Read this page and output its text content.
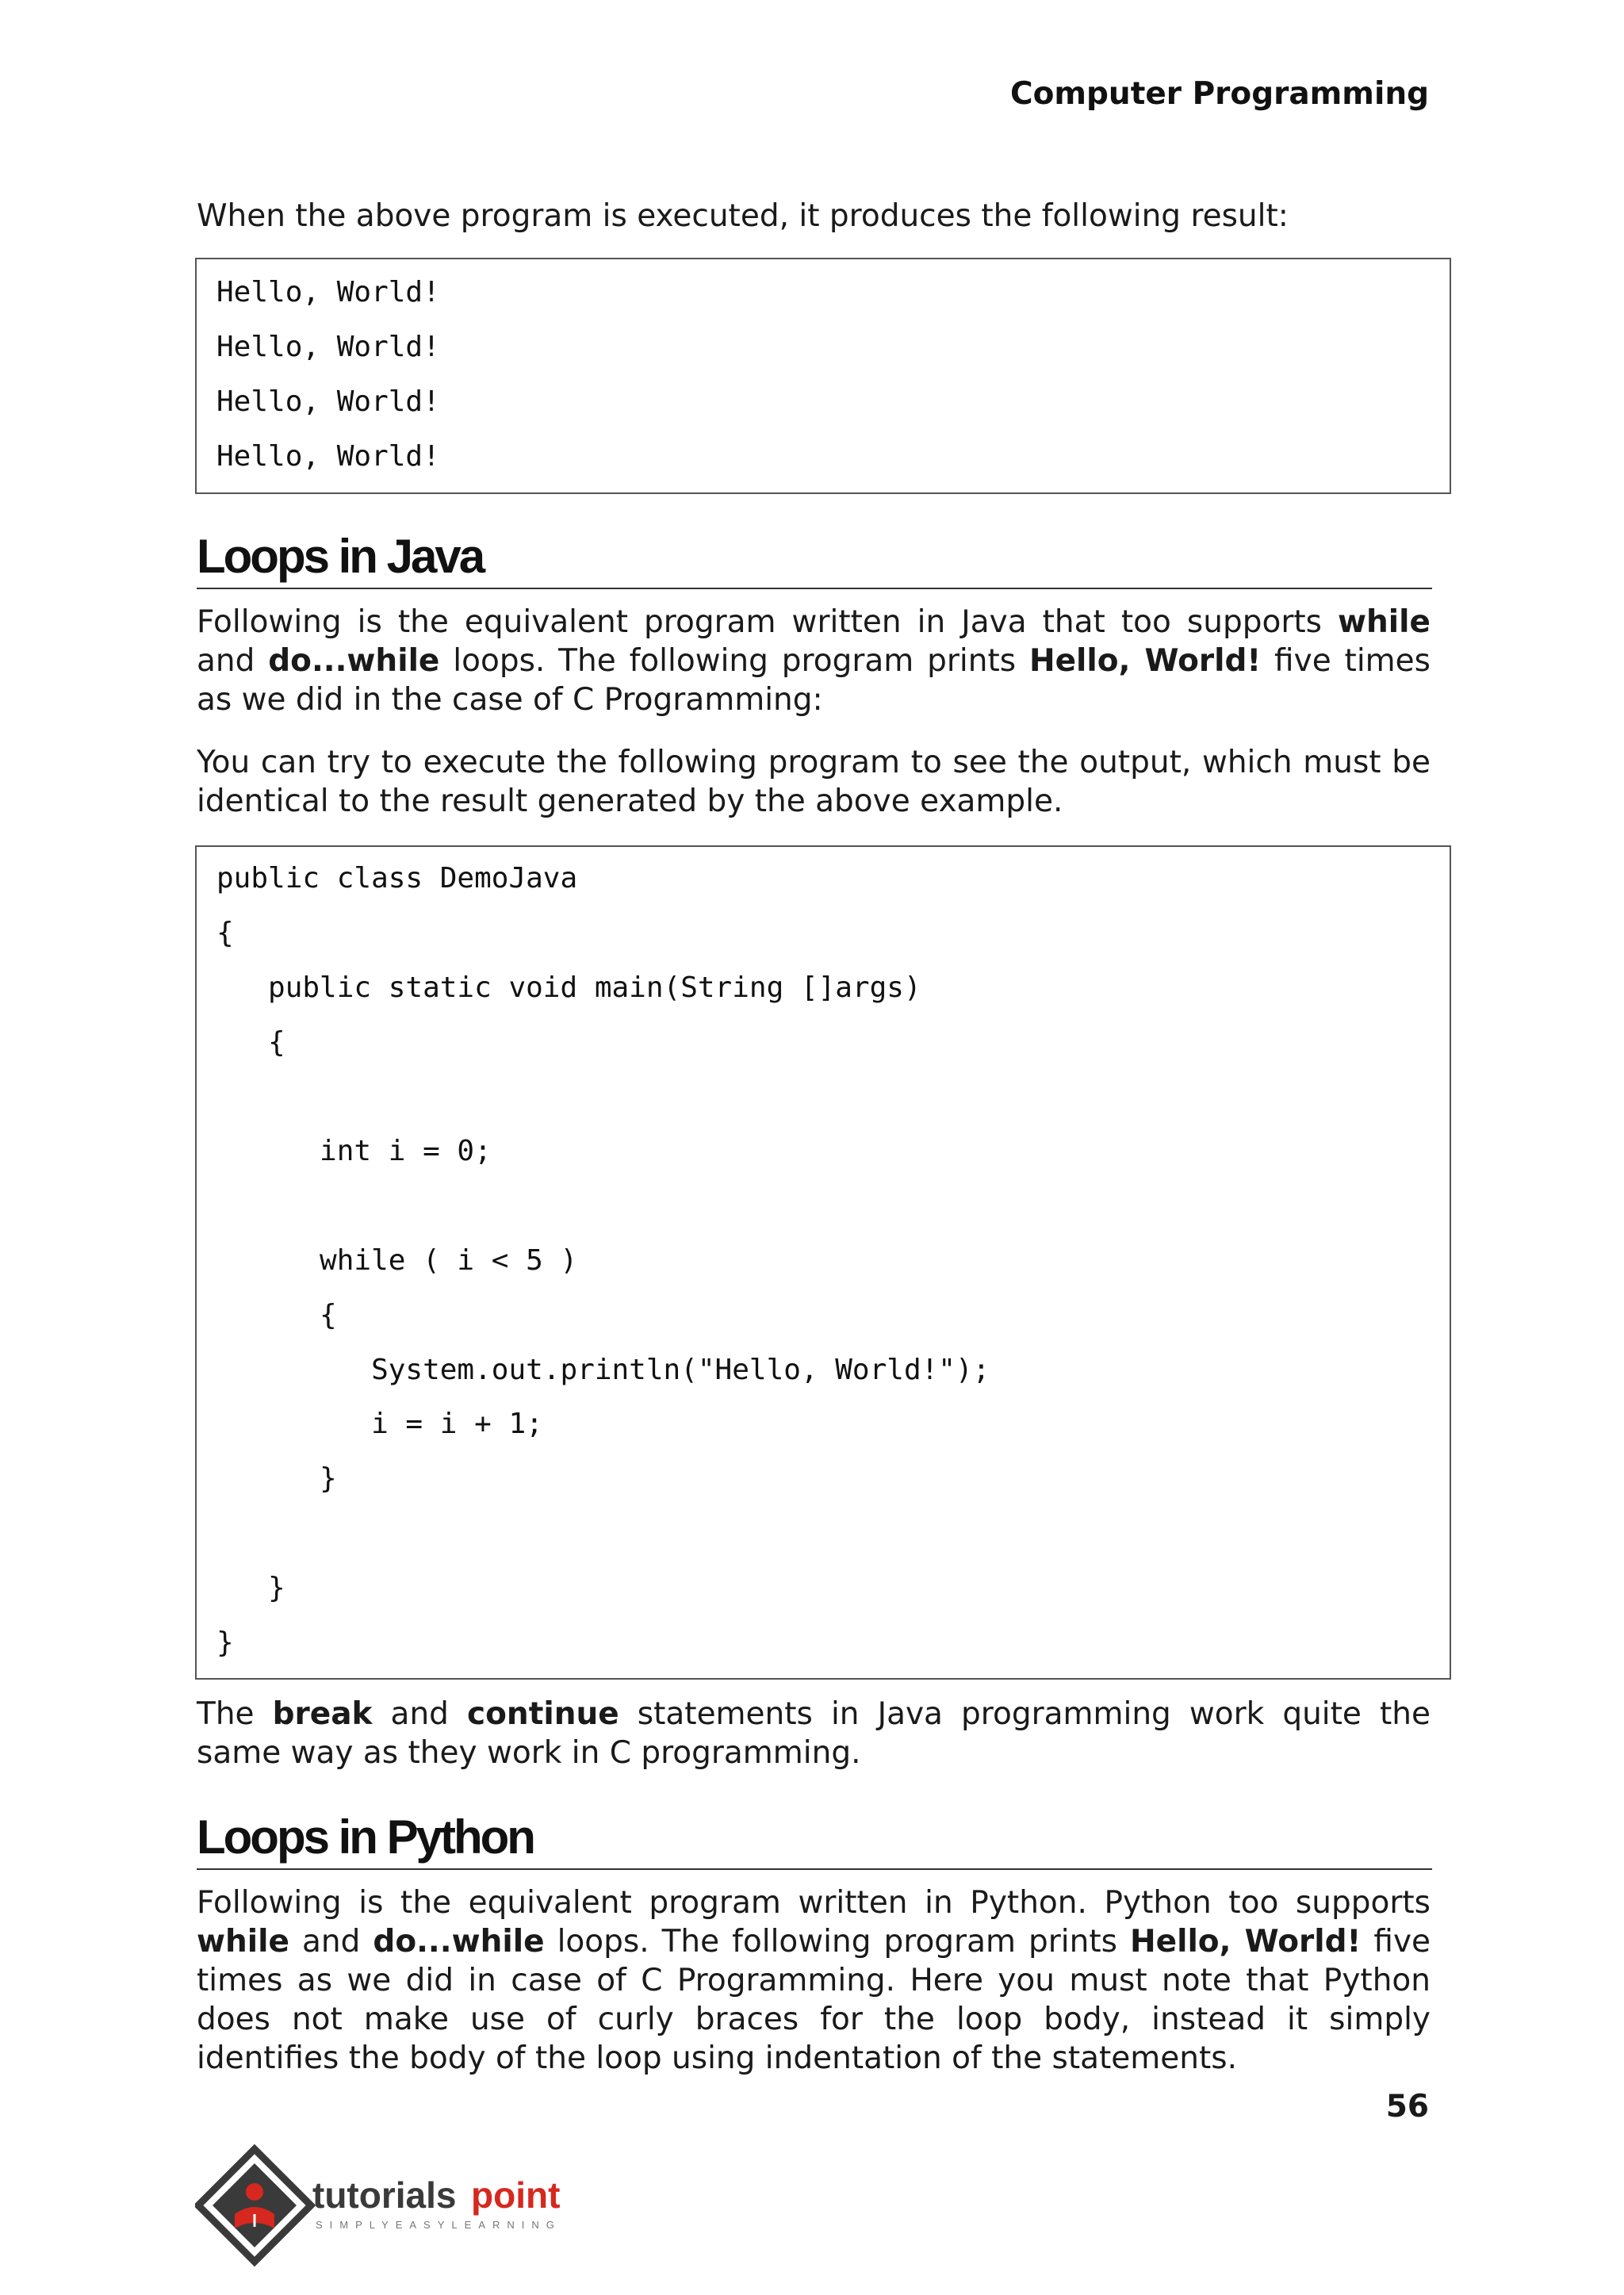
Computer Programming

When the above program is executed, it produces the following result:

Hello, World!
Hello, World!
Hello, World!
Hello, World!
Loops in Java

Following is the equivalent program written in Java that too supports while and do...while loops. The following program prints Hello, World! five times as we did in the case of C Programming:

You can try to execute the following program to see the output, which must be identical to the result generated by the above example.

public class DemoJava
{
public static void main(String []args)
{
int i = 0;
while ( i < 5 )
{
System.out.println("Hello, World!");
i = i + 1;
}
}
}

The break and continue statements in Java programming work quite the same way as they work in C programming.

Loops in Python

Following is the equivalent program written in Python. Python too supports while and do...while loops. The following program prints Hello, World! five times as we did in case of C Programming. Here you must note that Python does not make use of curly braces for the loop body, instead it simply identifies the body of the loop using indentation of the statements.

56
tutorials point
SIMPLYEASYLEARNING
